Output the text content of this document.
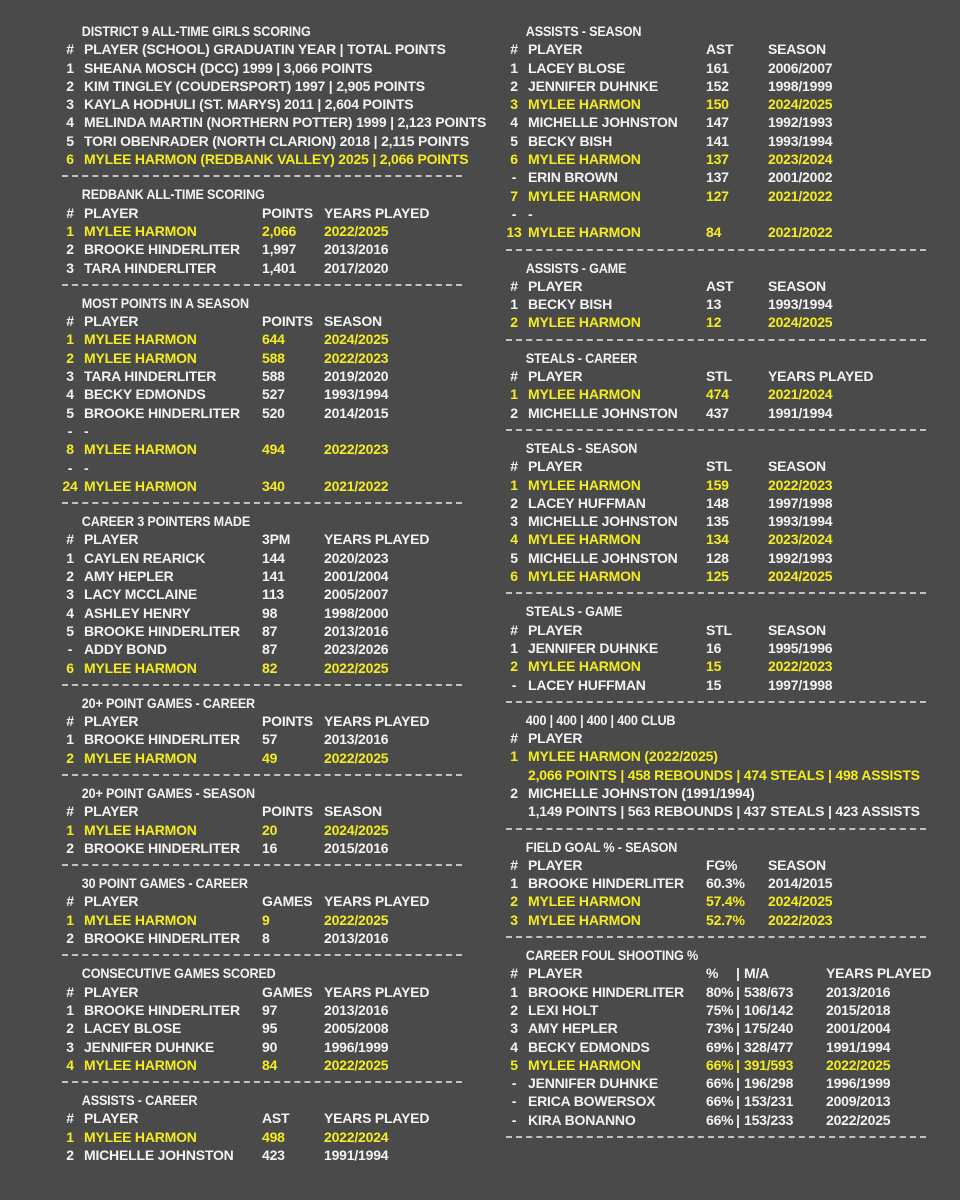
DISTRICT 9 ALL-TIME GIRLS SCORING
# PLAYER (SCHOOL) GRADUATIN YEAR | TOTAL POINTS
1 SHEANA MOSCH (DCC) 1999 | 3,066 POINTS
2 KIM TINGLEY (COUDERSPORT) 1997 | 2,905 POINTS
3 KAYLA HODHULI (ST. MARYS) 2011 | 2,604 POINTS
4 MELINDA MARTIN (NORTHERN POTTER) 1999 | 2,123 POINTS
5 TORI OBENRADER (NORTH CLARION) 2018 | 2,115 POINTS
6 MYLEE HARMON (REDBANK VALLEY) 2025 | 2,066 POINTS
REDBANK ALL-TIME SCORING
# PLAYER	POINTS YEARS PLAYED
1 MYLEE HARMON	2,066 2022/2025
2 BROOKE HINDERLITER 1,997 2013/2016
3 TARA HINDERLITER	1,401 2017/2020
MOST POINTS IN A SEASON
# PLAYER	POINTS SEASON
1 MYLEE HARMON	644	2024/2025
2 MYLEE HARMON	588	2022/2023
3 TARA HINDERLITER	588	2019/2020
4 BECKY EDMONDS	527	1993/1994
5 BROOKE HINDERLITER 520	2014/2015
- -
8 MYLEE HARMON	494	2022/2023
- -
24 MYLEE HARMON	340	2021/2022
CAREER 3 POINTERS MADE
# PLAYER	3PM YEARS PLAYED
1 CAYLEN REARICK	144	2020/2023
2 AMY HEPLER	141	2001/2004
3 LACY MCCLAINE	113	2005/2007
4 ASHLEY HENRY	98	1998/2000
5 BROOKE HINDERLITER 87	2013/2016
- ADDY BOND	87	2023/2026
6 MYLEE HARMON	82	2022/2025
20+ POINT GAMES - CAREER
# PLAYER	POINTS YEARS PLAYED
1 BROOKE HINDERLITER 57	2013/2016
2 MYLEE HARMON	49	2022/2025
20+ POINT GAMES - SEASON
# PLAYER	POINTS SEASON
1 MYLEE HARMON	20	2024/2025
2 BROOKE HINDERLITER 16	2015/2016
30 POINT GAMES - CAREER
# PLAYER	GAMES YEARS PLAYED
1 MYLEE HARMON	9	2022/2025
2 BROOKE HINDERLITER 8	2013/2016
CONSECUTIVE GAMES SCORED
# PLAYER	GAMES YEARS PLAYED
1 BROOKE HINDERLITER 97	2013/2016
2 LACEY BLOSE	95	2005/2008
3 JENNIFER DUHNKE	90	1996/1999
4 MYLEE HARMON	84	2022/2025
ASSISTS - CAREER
# PLAYER	AST YEARS PLAYED
1 MYLEE HARMON	498	2022/2024
2 MICHELLE JOHNSTON 423	1991/1994
ASSISTS - SEASON
# PLAYER	AST SEASON
1 LACEY BLOSE	161	2006/2007
2 JENNIFER DUHNKE	152	1998/1999
3 MYLEE HARMON	150	2024/2025
4 MICHELLE JOHNSTON 147	1992/1993
5 BECKY BISH	141	1993/1994
6 MYLEE HARMON	137	2023/2024
- ERIN BROWN	137	2001/2002
7 MYLEE HARMON	127	2021/2022
- -
13 MYLEE HARMON	84	2021/2022
ASSISTS - GAME
# PLAYER	AST SEASON
1 BECKY BISH	13	1993/1994
2 MYLEE HARMON	12	2024/2025
STEALS - CAREER
# PLAYER	STL	YEARS PLAYED
1 MYLEE HARMON	474	2021/2024
2 MICHELLE JOHNSTON 437	1991/1994
STEALS - SEASON
# PLAYER	STL	SEASON
1 MYLEE HARMON	159	2022/2023
2 LACEY HUFFMAN	148	1997/1998
3 MICHELLE JOHNSTON 135	1993/1994
4 MYLEE HARMON	134	2023/2024
5 MICHELLE JOHNSTON 128	1992/1993
6 MYLEE HARMON	125	2024/2025
STEALS - GAME
# PLAYER	STL	SEASON
1 JENNIFER DUHNKE	16	1995/1996
2 MYLEE HARMON	15	2022/2023
- LACEY HUFFMAN	15	1997/1998
400 | 400 | 400 | 400 CLUB
# PLAYER
1 MYLEE HARMON (2022/2025)
2,066 POINTS | 458 REBOUNDS | 474 STEALS | 498 ASSISTS
2 MICHELLE JOHNSTON (1991/1994)
1,149 POINTS | 563 REBOUNDS | 437 STEALS | 423 ASSISTS
FIELD GOAL % - SEASON
# PLAYER	FG% SEASON
1 BROOKE HINDERLITER 60.3% 2014/2015
2 MYLEE HARMON	57.4% 2024/2025
3 MYLEE HARMON	52.7% 2022/2023
CAREER FOUL SHOOTING %
# PLAYER	% | M/A	YEARS PLAYED
1 BROOKE HINDERLITER 80% | 538/673 2013/2016
2 LEXI HOLT	75% | 106/142 2015/2018
3 AMY HEPLER	73% | 175/240 2001/2004
4 BECKY EDMONDS	69% | 328/477 1991/1994
5 MYLEE HARMON	66% | 391/593 2022/2025
- JENNIFER DUHNKE	66% | 196/298 1996/1999
- ERICA BOWERSOX	66% | 153/231 2009/2013
- KIRA BONANNO	66% | 153/233 2022/2025
